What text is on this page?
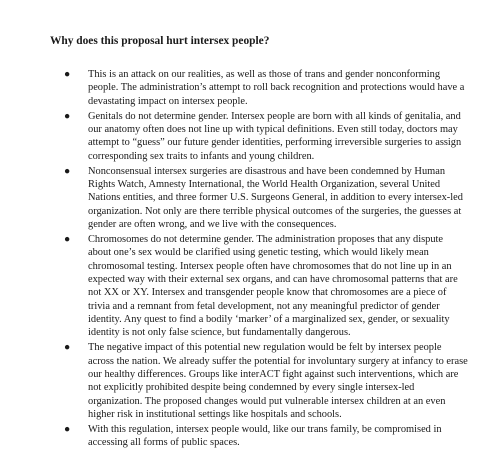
Why does this proposal hurt intersex people?
● This is an attack on our realities, as well as those of trans and gender nonconforming people. The administration’s attempt to roll back recognition and protections would have a devastating impact on intersex people.
● Genitals do not determine gender. Intersex people are born with all kinds of genitalia, and our anatomy often does not line up with typical definitions. Even still today, doctors may attempt to “guess” our future gender identities, performing irreversible surgeries to assign corresponding sex traits to infants and young children.
● Nonconsensual intersex surgeries are disastrous and have been condemned by Human Rights Watch, Amnesty International, the World Health Organization, several United Nations entities, and three former U.S. Surgeons General, in addition to every intersex-led organization. Not only are there terrible physical outcomes of the surgeries, the guesses at gender are often wrong, and we live with the consequences.
● Chromosomes do not determine gender. The administration proposes that any dispute about one’s sex would be clarified using genetic testing, which would likely mean chromosomal testing. Intersex people often have chromosomes that do not line up in an expected way with their external sex organs, and can have chromosomal patterns that are not XX or XY. Intersex and transgender people know that chromosomes are a piece of trivia and a remnant from fetal development, not any meaningful predictor of gender identity. Any quest to find a bodily ‘marker’ of a marginalized sex, gender, or sexuality identity is not only false science, but fundamentally dangerous.
● The negative impact of this potential new regulation would be felt by intersex people across the nation. We already suffer the potential for involuntary surgery at infancy to erase our healthy differences. Groups like interACT fight against such interventions, which are not explicitly prohibited despite being condemned by every single intersex-led organization. The proposed changes would put vulnerable intersex children at an even higher risk in institutional settings like hospitals and schools.
● With this regulation, intersex people would, like our trans family, be compromised in accessing all forms of public spaces.
